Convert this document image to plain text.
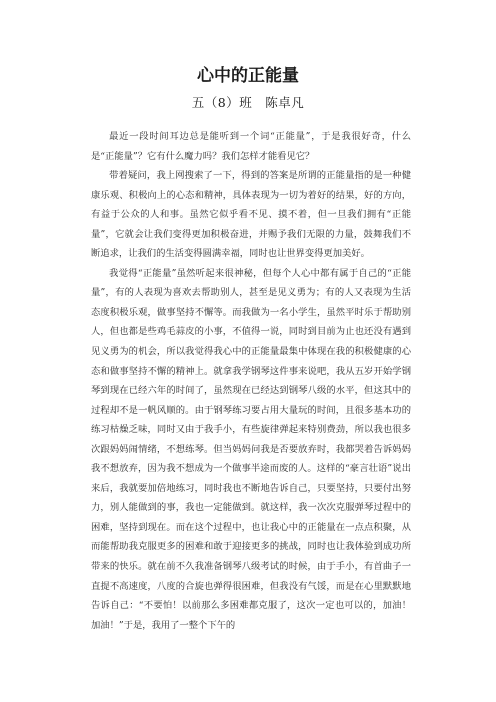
心中的正能量
五（8）班　陈卓凡

最近一段时间耳边总是能听到一个词“正能量”，于是我很好奇，什么是“正能量”？它有什么魔力吗？我们怎样才能看见它？

带着疑问，我上网搜索了一下，得到的答案是所谓的正能量指的是一种健康乐观、积极向上的心态和精神，具体表现为一切为着好的结果，好的方向，有益于公众的人和事。虽然它似乎看不见、摸不着，但一旦我们拥有“正能量”，它就会让我们变得更加积极奋进，并赐予我们无限的力量，鼓舞我们不断追求，让我们的生活变得圆满幸福，同时也让世界变得更加美好。

我觉得“正能量”虽然听起来很神秘，但每个人心中都有属于自己的“正能量”，有的人表现为喜欢去帮助别人，甚至是见义勇为；有的人又表现为生活态度积极乐观，做事坚持不懈等。而我做为一名小学生，虽然平时乐于帮助别人，但也都是些鸡毛蒜皮的小事，不值得一说，同时到目前为止也还没有遇到见义勇为的机会，所以我觉得我心中的正能量最集中体现在我的积极健康的心态和做事坚持不懈的精神上。就拿我学钢琴这件事来说吧，我从五岁开始学钢琴到现在已经六年的时间了，虽然现在已经达到钢琴八级的水平，但这其中的过程却不是一帆风顺的。由于钢琴练习要占用大量玩的时间，且很多基本功的练习枯燥乏味，同时又由于我手小，有些旋律弹起来特别费劲，所以我也很多次跟妈妈闹情绪，不想练琴。但当妈妈问我是否要放弃时，我都哭着告诉妈妈我不想放弃，因为我不想成为一个做事半途而废的人。这样的“豪言壮语”说出来后，我就要加倍地练习，同时我也不断地告诉自己，只要坚持，只要付出努力，别人能做到的事，我也一定能做到。就这样，我一次次克服弹琴过程中的困难，坚持到现在。而在这个过程中，也让我心中的正能量在一点点积聚，从而能帮助我克服更多的困难和敢于迎接更多的挑战，同时也让我体验到成功所带来的快乐。就在前不久我准备钢琴八级考试的时候，由于手小，有首曲子一直提不高速度，八度的合旋也弹得很困难，但我没有气馁，而是在心里默默地告诉自己：“不要怕！以前那么多困难都克服了，这次一定也可以的，加油！加油！”于是，我用了一整个下午的
